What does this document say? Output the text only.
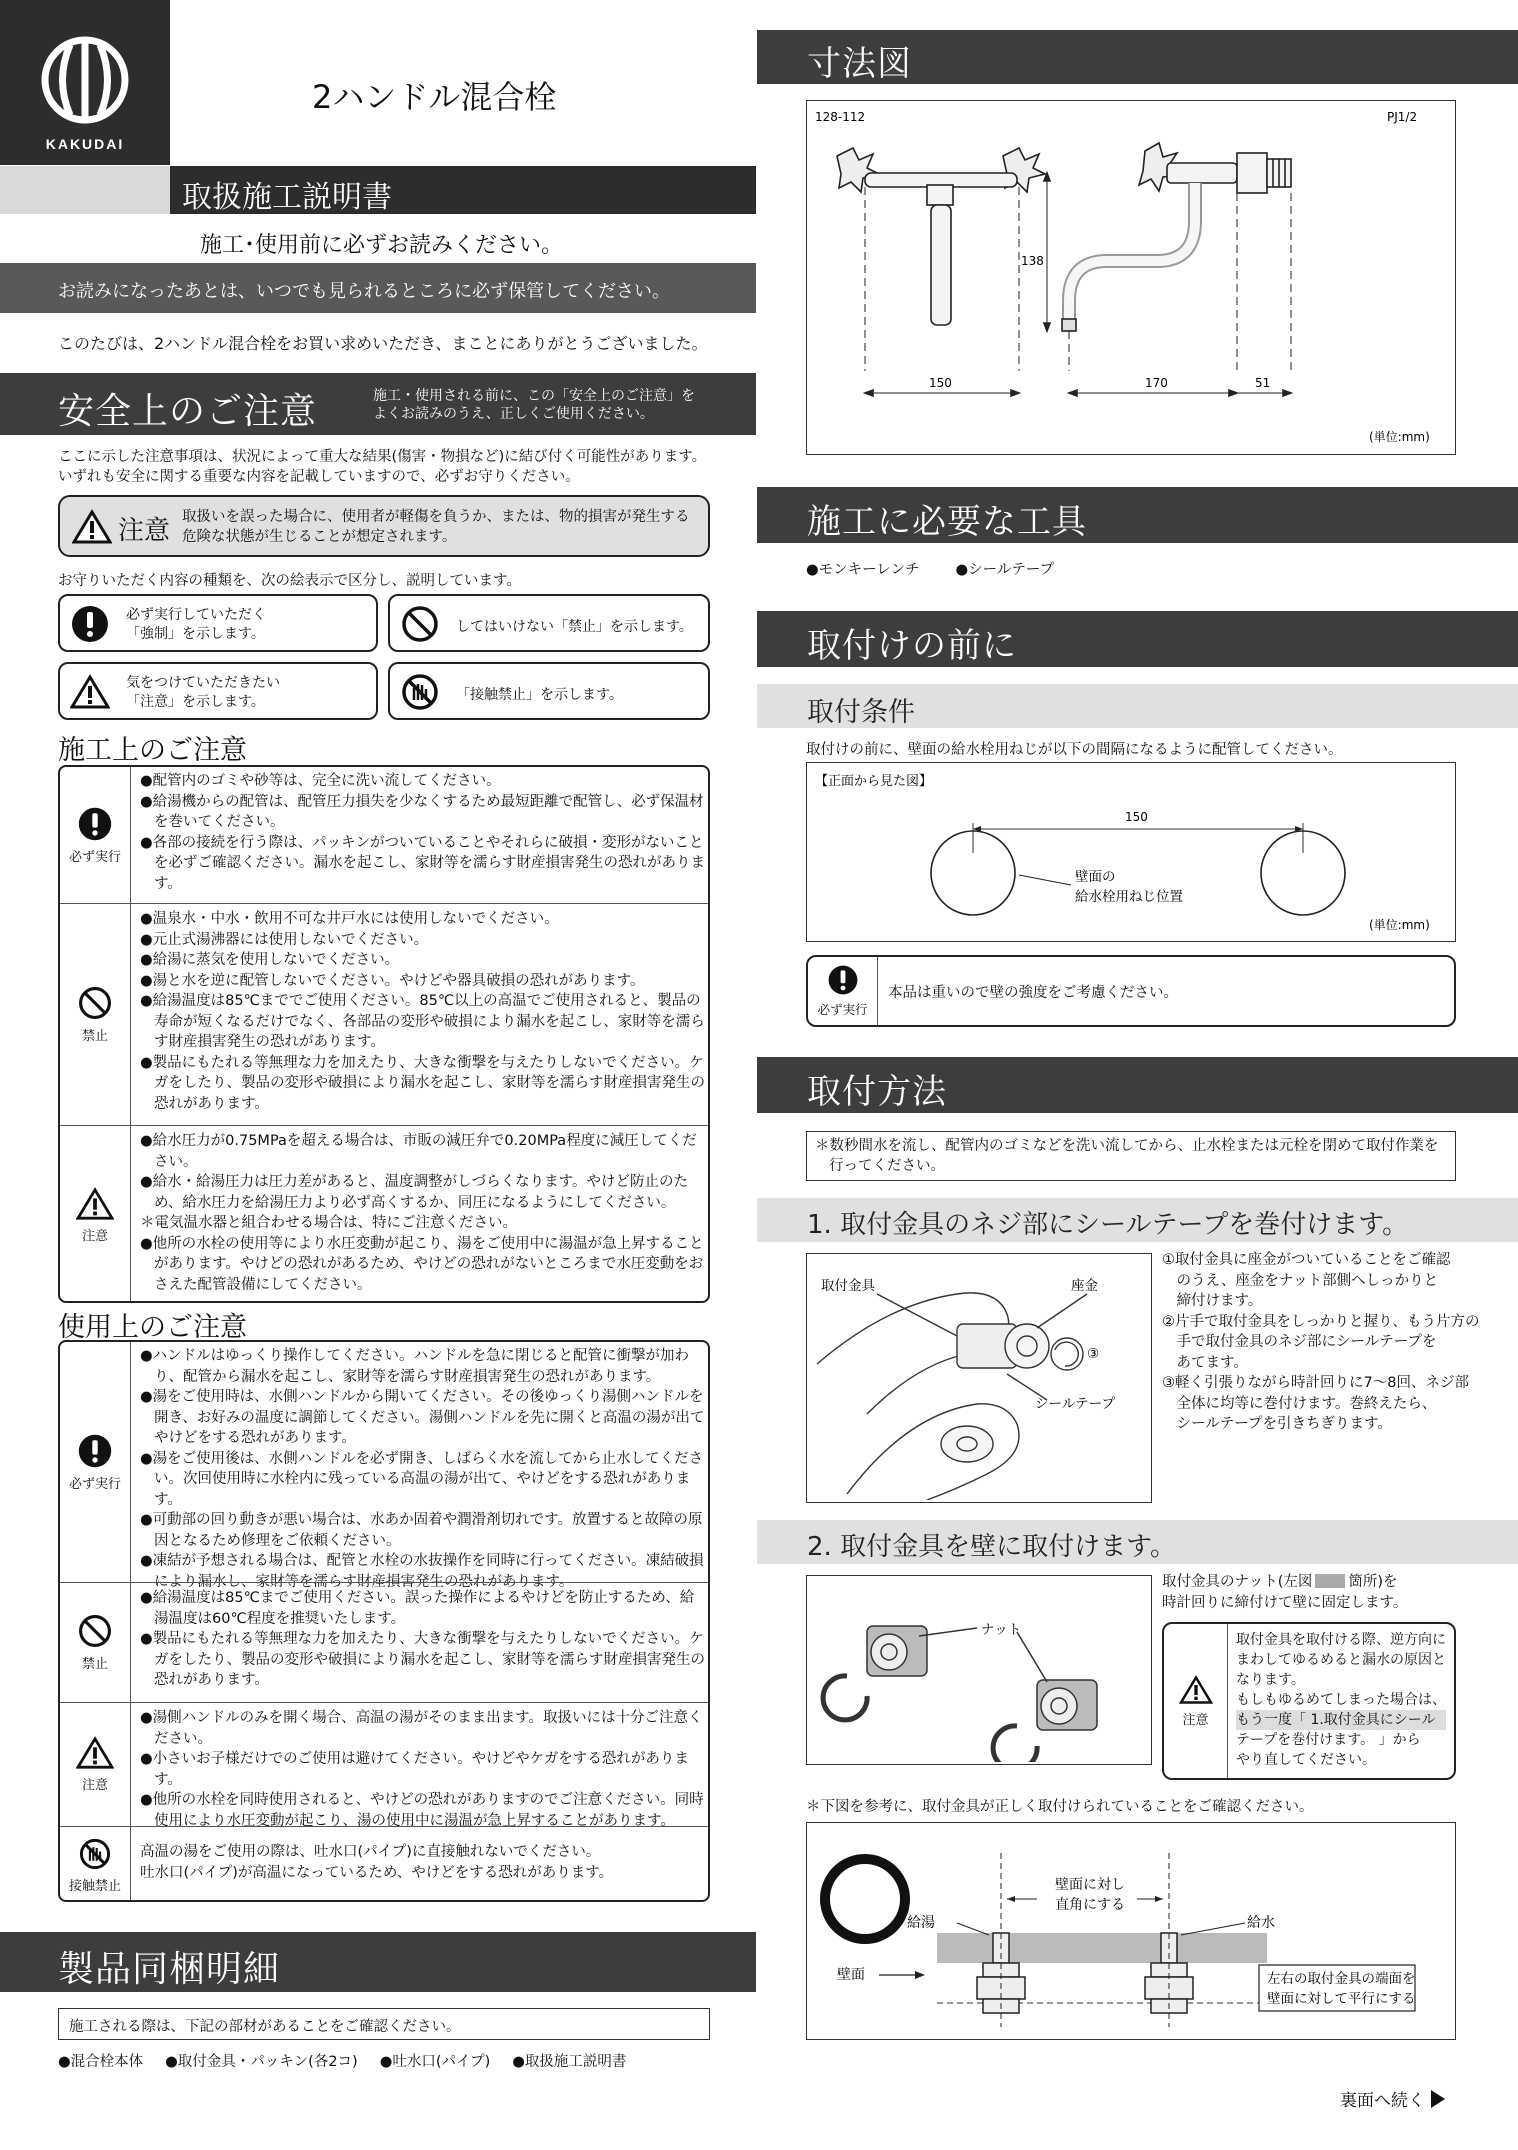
KAKUDAI
2ハンドル混合栓
取扱施工説明書
施工･使用前に必ずお読みください。
お読みになったあとは、いつでも見られるところに必ず保管してください。
このたびは、2ハンドル混合栓をお買い求めいただき、まことにありがとうございました。
安全上のご注意	施工・使用される前に、この「安全上のご注意」を
よくお読みのうえ、正しくご使用ください。

ここに示した注意事項は、状況によって重大な結果(傷害・物損など)に結び付く可能性があります。

いずれも安全に関する重要な内容を記載していますので、必ずお守りください。

注意 取扱いを誤った場合に、使用者が軽傷を負うか、または、物的損害が発生する
危険な状態が生じることが想定されます。
お守りいただく内容の種類を、次の絵表示で区分し、説明しています。
必ず実行していただく
「強制」を示します。	してはいけない「禁止」を示します。
気をつけていただきたい
「注意」を示します。	「接触禁止」を示します。
施工上のご注意
必ず実行
●配管内のゴミや砂等は、完全に洗い流してください。
●給湯機からの配管は、配管圧力損失を少なくするため最短距離で配管し、必ず保温材を巻いてください。
●各部の接続を行う際は、パッキンがついていることやそれらに破損・変形がないことを必ずご確認ください。漏水を起こし、家財等を濡らす財産損害発生の恐れがあります。
禁止
●温泉水・中水・飲用不可な井戸水には使用しないでください。
●元止式湯沸器には使用しないでください。
●給湯に蒸気を使用しないでください。
●湯と水を逆に配管しないでください。やけどや器具破損の恐れがあります。
●給湯温度は85℃まででご使用ください。85℃以上の高温でご使用されると、製品の寿命が短くなるだけでなく、各部品の変形や破損により漏水を起こし、家財等を濡らす財産損害発生の恐れがあります。
●製品にもたれる等無理な力を加えたり、大きな衝撃を与えたりしないでください。ケガをしたり、製品の変形や破損により漏水を起こし、家財等を濡らす財産損害発生の恐れがあります。
注意
●給水圧力が0.75MPaを超える場合は、市販の減圧弁で0.20MPa程度に減圧してください。
●給水・給湯圧力は圧力差があると、温度調整がしづらくなります。やけど防止のため、給水圧力を給湯圧力より必ず高くするか、同圧になるようにしてください。
＊電気温水器と組合わせる場合は、特にご注意ください。
●他所の水栓の使用等により水圧変動が起こり、湯をご使用中に湯温が急上昇することがあります。やけどの恐れがあるため、やけどの恐れがないところまで水圧変動をおさえた配管設備にしてください。
使用上のご注意
必ず実行
●ハンドルはゆっくり操作してください。ハンドルを急に閉じると配管に衝撃が加わり、配管から漏水を起こし、家財等を濡らす財産損害発生の恐れがあります。
●湯をご使用時は、水側ハンドルから開いてください。その後ゆっくり湯側ハンドルを開き、お好みの温度に調節してください。湯側ハンドルを先に開くと高温の湯が出てやけどをする恐れがあります。
●湯をご使用後は、水側ハンドルを必ず開き、しばらく水を流してから止水してください。次回使用時に水栓内に残っている高温の湯が出て、やけどをする恐れがあります。
●可動部の回り動きが悪い場合は、水あか固着や潤滑剤切れです。放置すると故障の原因となるため修理をご依頼ください。
●凍結が予想される場合は、配管と水栓の水抜操作を同時に行ってください。凍結破損により漏水し、家財等を濡らす財産損害発生の恐れがあります。
禁止
●給湯温度は85℃までご使用ください。誤った操作によるやけどを防止するため、給湯温度は60℃程度を推奨いたします。
●製品にもたれる等無理な力を加えたり、大きな衝撃を与えたりしないでください。ケガをしたり、製品の変形や破損により漏水を起こし、家財等を濡らす財産損害発生の恐れがあります。
注意
●湯側ハンドルのみを開く場合、高温の湯がそのまま出ます。取扱いには十分ご注意ください。
●小さいお子様だけでのご使用は避けてください。やけどやケガをする恐れがあります。
●他所の水栓を同時使用されると、やけどの恐れがありますのでご注意ください。同時使用により水圧変動が起こり、湯の使用中に湯温が急上昇することがあります。
接触禁止
高温の湯をご使用の際は、吐水口(パイプ)に直接触れないでください。
吐水口(パイプ)が高温になっているため、やけどをする恐れがあります。
製品同梱明細
施工される際は、下記の部材があることをご確認ください。
●混合栓本体 ●取付金具・パッキン(各2コ) ●吐水口(パイプ) ●取扱施工説明書
寸法図
128-112	PJ1/2
150
138
170	51
(単位:mm)
施工に必要な工具
●モンキーレンチ ●シールテープ
取付けの前に
取付条件
取付けの前に、壁面の給水栓用ねじが以下の間隔になるように配管してください。
【正面から見た図】
150
壁面の
給水栓用ねじ位置
(単位:mm)
必ず実行
本品は重いので壁の強度をご考慮ください。
取付方法
＊数秒間水を流し、配管内のゴミなどを洗い流してから、止水栓または元栓を閉めて取付作業を
行ってください。
1. 取付金具のネジ部にシールテープを巻付けます。
取付金具	座金
シールテープ
③
①取付金具に座金がついていることをご確認
　のうえ、座金をナット部側へしっかりと
　締付けます。
②片手で取付金具をしっかりと握り、もう片方の
　手で取付金具のネジ部にシールテープを
　あてます。
③軽く引張りながら時計回りに7〜8回、ネジ部
　全体に均等に巻付けます。巻終えたら、
　シールテープを引きちぎります。
2. 取付金具を壁に取付けます。
ナット
取付金具のナット(左図 箇所)を
時計回りに締付けて壁に固定します。
注意
取付金具を取付ける際、逆方向に
まわしてゆるめると漏水の原因と
なります。
もしもゆるめてしまった場合は、
もう一度「 1.取付金具にシール
テープを巻付けます。 」から
やり直してください。
＊下図を参考に、取付金具が正しく取付けられていることをご確認ください。
壁面に対し
直角にする
給湯	給水
壁面	左右の取付金具の端面を
壁面に対して平行にする
裏面へ続く
